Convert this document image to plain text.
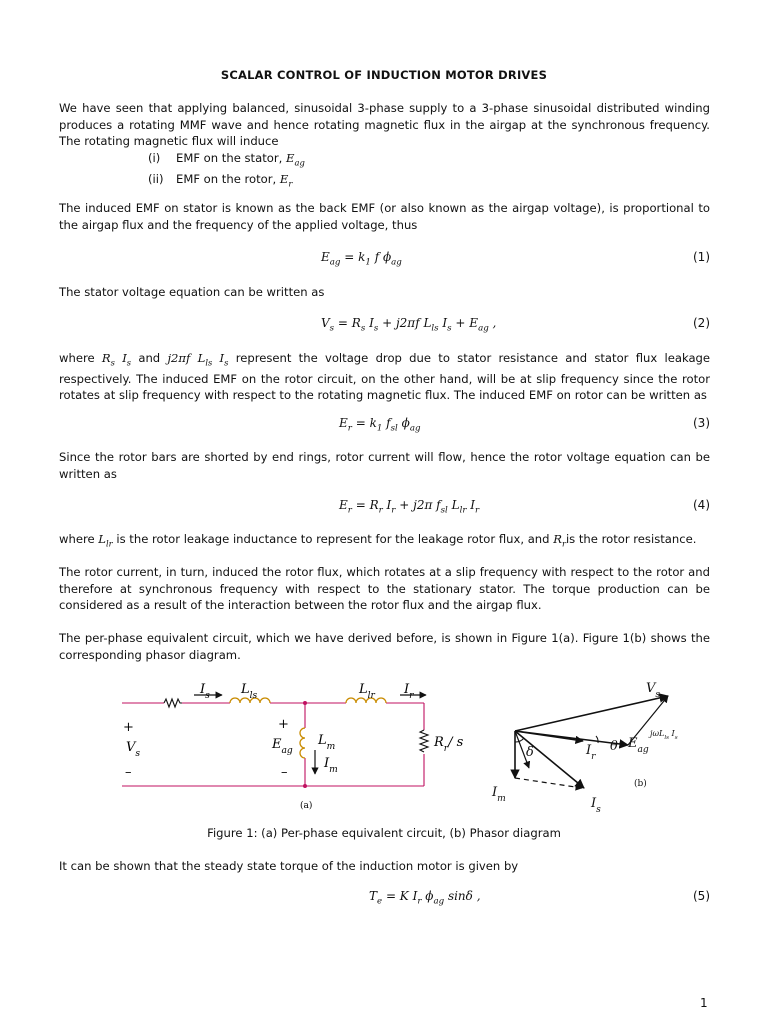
SCALAR CONTROL OF INDUCTION MOTOR DRIVES
We have seen that applying balanced, sinusoidal 3-phase supply to a 3-phase sinusoidal distributed winding produces a rotating MMF wave and hence rotating magnetic flux in the airgap at the synchronous frequency. The rotating magnetic flux will induce
(i) EMF on the stator, $E_{ag}$
(ii) EMF on the rotor, $E_r$
The induced EMF on stator is known as the back EMF (or also known as the airgap voltage), is proportional to the airgap flux and the frequency of the applied voltage, thus
$E_{ag} = k_1$ f $\phi_{ag}$	(1)
The stator voltage equation can be written as
$V_s = R_s$ $I_s + j2\pi f$ $L_{ls}$ $I_s + E_{ag}$ ,	(2)
where $R_s$ $I_s$ and j2πf $L_{ls}$ $I_s$ represent the voltage drop due to stator resistance and stator flux leakage respectively. The induced EMF on the rotor circuit, on the other hand, will be at slip frequency since the rotor rotates at slip frequency with respect to the rotating magnetic flux. The induced EMF on rotor can be written as
$E_r = k_1$ $f_{sl}$ $\phi_{ag}$	(3)
Since the rotor bars are shorted by end rings, rotor current will flow, hence the rotor voltage equation can be written as
$E_r = R_r$ $I_r + j2\pi$ $f_{sl}$ $L_{lr}$ $I_r$	(4)
where $L_{lr}$ is the rotor leakage inductance to represent for the leakage rotor flux, and $R_ris$ the rotor resistance.
The rotor current, in turn, induced the rotor flux, which rotates at a slip frequency with respect to the rotor and therefore at synchronous frequency with respect to the stationary stator. The torque production can be considered as a result of the interaction between the rotor flux and the airgap flux.
The per-phase equivalent circuit, which we have derived before, is shown in Figure 1(a). Figure 1(b) shows the corresponding phasor diagram.
$I_s$ $L_{ls}$	$L_{lr}$ $I_r$
+
$V_s$
–
+
$E_{ag}$
–
$L_m$
$I_m$
$R_r/$ s
(a)
$V_s$
jωL$_{ls}$ $I_s$
δ	$I_r$
θ $E_{ag}$
(b)
$I_m$	$I_s$
Figure 1: (a) Per-phase equivalent circuit, (b) Phasor diagram
It can be shown that the steady state torque of the induction motor is given by
$T_e = K$ $I_r$ $\phi_{ag}$ sinδ ,	(5)
1
